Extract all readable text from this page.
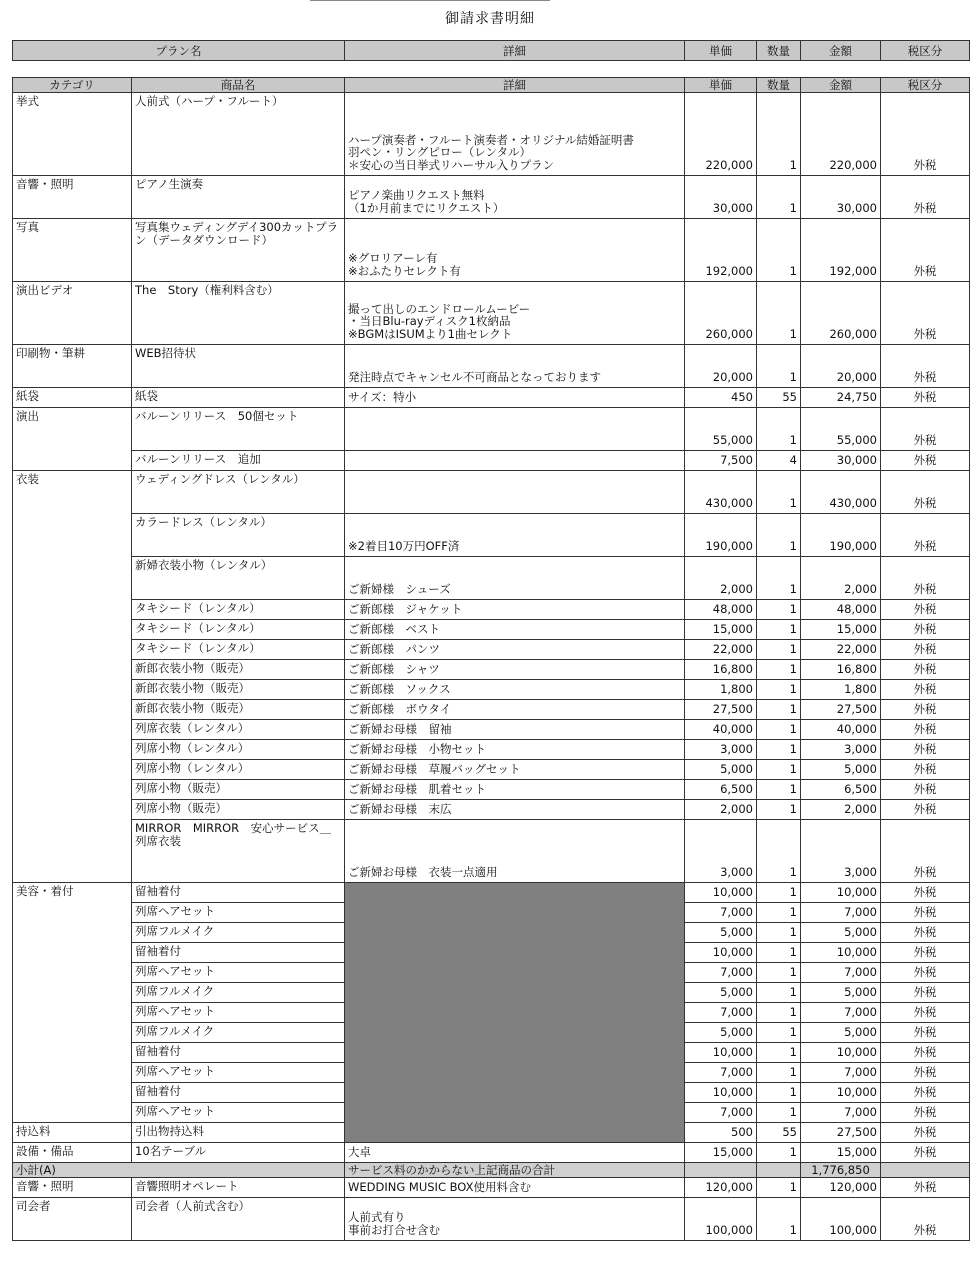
御請求書明細
プラン名	詳細	単価	数量	金額	税区分
カテゴリ	商品名	詳細	単価	数量	金額	税区分
挙式	人前式（ハープ・フルート）	ハープ演奏者・フルート演奏者・オリジナル結婚証明書
羽ペン・リングピロー（レンタル）
＊安心の当日挙式リハーサル入りプラン	220,000	1	220,000	外税
音響・照明	ピアノ生演奏	ピアノ楽曲リクエスト無料
（1か月前までにリクエスト）	30,000	1	30,000	外税
写真	写真集ウェディングデイ300カットプラン（データダウンロード）	※グロリアーレ有
※おふたりセレクト有	192,000	1	192,000	外税
演出ビデオ	The　Story（権利料含む）	撮って出しのエンドロールムービー
・当日Blu-rayディスク1枚納品
※BGMはISUMより1曲セレクト	260,000	1	260,000	外税
印刷物・筆耕	WEB招待状	発注時点でキャンセル不可商品となっております	20,000	1	20,000	外税
紙袋	紙袋	サイズ：特小	450	55	24,750	外税
演出	バルーンリリース　50個セット		55,000	1	55,000	外税
	バルーンリリース　追加		7,500	4	30,000	外税
衣装	ウェディングドレス（レンタル）		430,000	1	430,000	外税
	カラードレス（レンタル）	※2着目10万円OFF済	190,000	1	190,000	外税
	新婦衣装小物（レンタル）	ご新婦様　シューズ	2,000	1	2,000	外税
	タキシード（レンタル）	ご新郎様　ジャケット	48,000	1	48,000	外税
	タキシード（レンタル）	ご新郎様　ベスト	15,000	1	15,000	外税
	タキシード（レンタル）	ご新郎様　パンツ	22,000	1	22,000	外税
	新郎衣装小物（販売）	ご新郎様　シャツ	16,800	1	16,800	外税
	新郎衣装小物（販売）	ご新郎様　ソックス	1,800	1	1,800	外税
	新郎衣装小物（販売）	ご新郎様　ボウタイ	27,500	1	27,500	外税
	列席衣装（レンタル）	ご新婦お母様　留袖	40,000	1	40,000	外税
	列席小物（レンタル）	ご新婦お母様　小物セット	3,000	1	3,000	外税
	列席小物（レンタル）	ご新婦お母様　草履バッグセット	5,000	1	5,000	外税
	列席小物（販売）	ご新婦お母様　肌着セット	6,500	1	6,500	外税
	列席小物（販売）	ご新婦お母様　末広	2,000	1	2,000	外税
	MIRROR　MIRROR　安心サービス＿列席衣装	ご新婦お母様　衣装一点適用	3,000	1	3,000	外税
美容・着付	留袖着付		10,000	1	10,000	外税
	列席ヘアセット		7,000	1	7,000	外税
	列席フルメイク		5,000	1	5,000	外税
	留袖着付		10,000	1	10,000	外税
	列席ヘアセット		7,000	1	7,000	外税
	列席フルメイク		5,000	1	5,000	外税
	列席ヘアセット		7,000	1	7,000	外税
	列席フルメイク		5,000	1	5,000	外税
	留袖着付		10,000	1	10,000	外税
	列席ヘアセット		7,000	1	7,000	外税
	留袖着付		10,000	1	10,000	外税
	列席ヘアセット		7,000	1	7,000	外税
持込料	引出物持込料		500	55	27,500	外税
設備・備品	10名テーブル	大卓	15,000	1	15,000	外税
小計(A)		サービス料のかからない上記商品の合計			1,776,850	
音響・照明	音響照明オペレート	WEDDING MUSIC BOX使用料含む	120,000	1	120,000	外税
司会者	司会者（人前式含む）	人前式有り
事前お打合せ含む	100,000	1	100,000	外税
